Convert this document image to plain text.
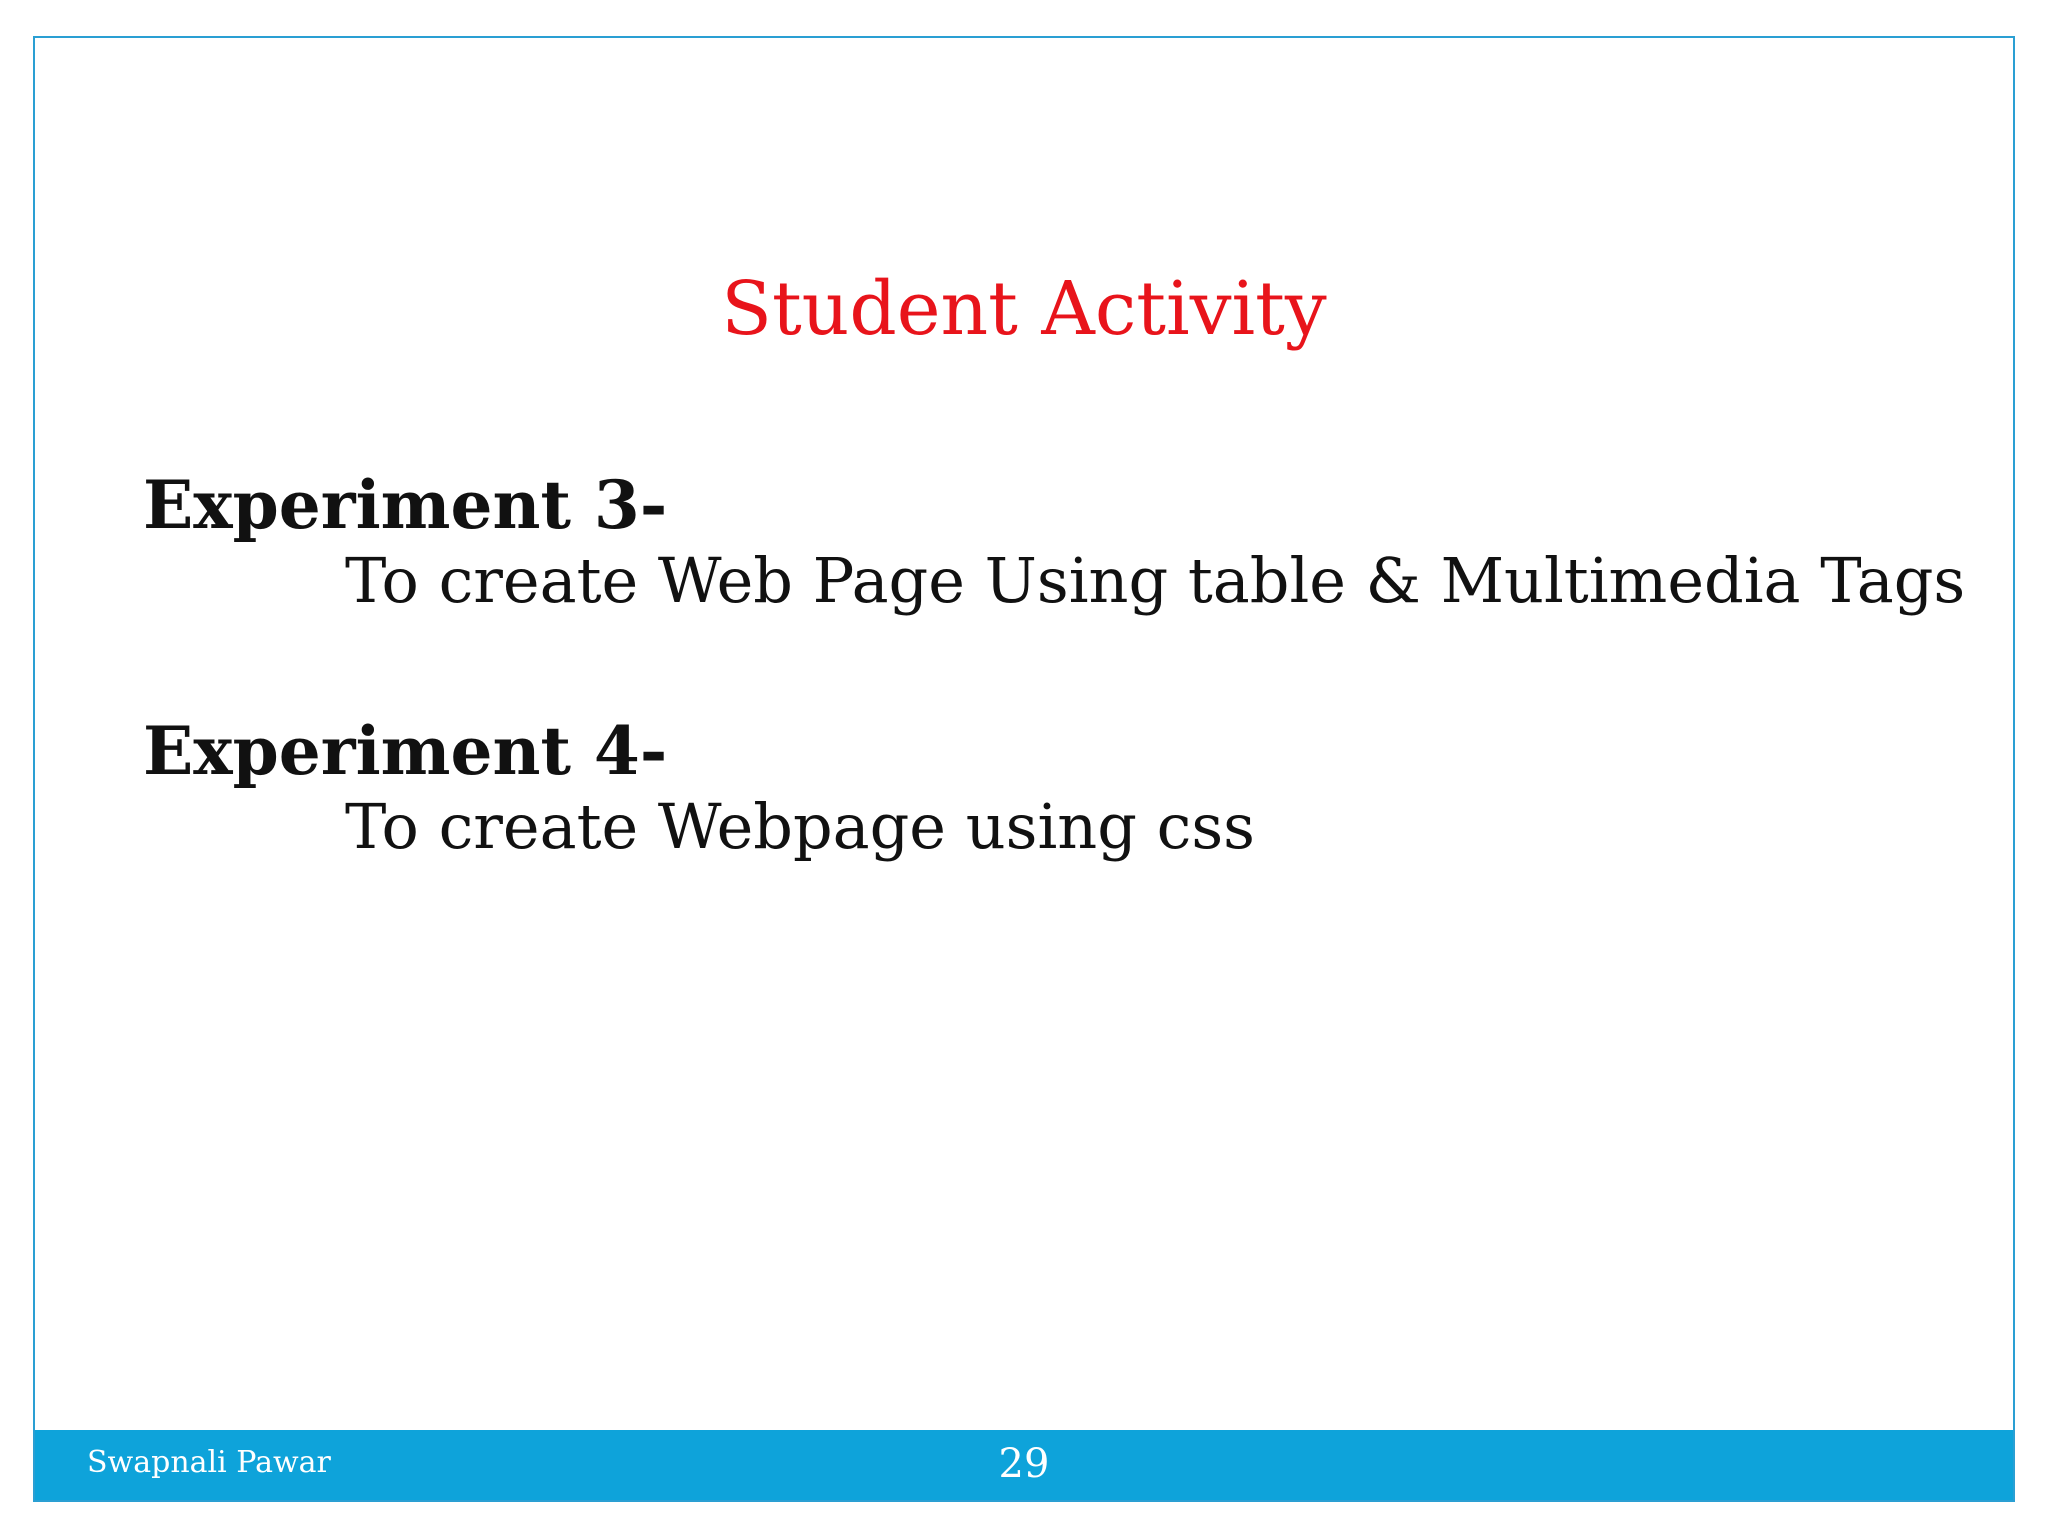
Student Activity
Experiment 3-
To create Web Page Using table & Multimedia Tags
Experiment 4-
To create Webpage using css
Swapnali Pawar	29
